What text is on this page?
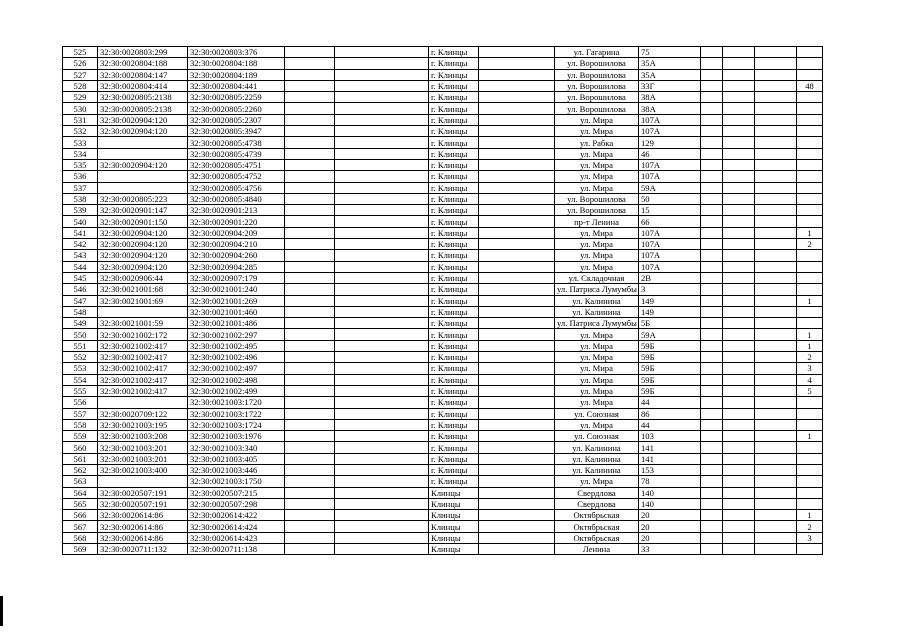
525	32:30:0020803:299	32:30:0020803:376			г. Клинцы		ул. Гагарина	75				
526	32:30:0020804:188	32:30:0020804:188			г. Клинцы		ул. Ворошилова	35А				
527	32:30:0020804:147	32:30:0020804:189			г. Клинцы		ул. Ворошилова	35А				
528	32:30:0020804:414	32:30:0020804:441			г. Клинцы		ул. Ворошилова	33Г				48
529	32:30:0020805:2138	32:30:0020805:2259			г. Клинцы		ул. Ворошилова	38А				
530	32:30:0020805:2138	32:30:0020805:2260			г. Клинцы		ул. Ворошилова	38А				
531	32:30:0020904:120	32:30:0020805:2307			г. Клинцы		ул. Мира	107А				
532	32:30:0020904:120	32:30:0020805:3947			г. Клинцы		ул. Мира	107А				
533		32:30:0020805:4738			г. Клинцы		ул. Рабка	129				
534		32:30:0020805:4739			г. Клинцы		ул. Мира	46				
535	32:30:0020904:120	32:30:0020805:4751			г. Клинцы		ул. Мира	107А				
536		32:30:0020805:4752			г. Клинцы		ул. Мира	107А				
537		32:30:0020805:4756			г. Клинцы		ул. Мира	59А				
538	32:30:0020805:223	32:30:0020805:4840			г. Клинцы		ул. Ворошилова	50				
539	32:30:0020901:147	32:30:0020901:213			г. Клинцы		ул. Ворошилова	15				
540	32:30:0020901:150	32:30:0020901:220			г. Клинцы		пр-т Ленина	66				
541	32:30:0020904:120	32:30:0020904:209			г. Клинцы		ул. Мира	107А				1
542	32:30:0020904:120	32:30:0020904:210			г. Клинцы		ул. Мира	107А				2
543	32:30:0020904:120	32:30:0020904:260			г. Клинцы		ул. Мира	107А				
544	32:30:0020904:120	32:30:0020904:285			г. Клинцы		ул. Мира	107А				
545	32:30:0020906:44	32:30:0020907:179			г. Клинцы		ул. Складочная	2В				
546	32:30:0021001:68	32:30:0021001:240			г. Клинцы		ул. Патриса Лумумбы	3				
547	32:30:0021001:69	32:30:0021001:269			г. Клинцы		ул. Калинина	149				1
548		32:30:0021001:460			г. Клинцы		ул. Калинина	149				
549	32:30:0021001:59	32:30:0021001:486			г. Клинцы		ул. Патриса Лумумбы	5Б				
550	32:30:0021002:172	32:30:0021002:297			г. Клинцы		ул. Мира	59А				1
551	32:30:0021002:417	32:30:0021002:495			г. Клинцы		ул. Мира	59Б				1
552	32:30:0021002:417	32:30:0021002:496			г. Клинцы		ул. Мира	59Б				2
553	32:30:0021002:417	32:30:0021002:497			г. Клинцы		ул. Мира	59Б				3
554	32:30:0021002:417	32:30:0021002:498			г. Клинцы		ул. Мира	59Б				4
555	32:30:0021002:417	32:30:0021002:499			г. Клинцы		ул. Мира	59Б				5
556		32:30:0021003:1720			г. Клинцы		ул. Мира	44				
557	32:30:0020709:122	32:30:0021003:1722			г. Клинцы		ул. Союзная	86				
558	32:30:0021003:195	32:30:0021003:1724			г. Клинцы		ул. Мира	44				
559	32:30:0021003:208	32:30:0021003:1976			г. Клинцы		ул. Союзная	103				1
560	32:30:0021003:201	32:30:0021003:340			г. Клинцы		ул. Калинина	141				
561	32:30:0021003:201	32:30:0021003:405			г. Клинцы		ул. Калинина	141				
562	32:30:0021003:400	32:30:0021003:446			г. Клинцы		ул. Калинина	153				
563		32:30:0021003:1750			г. Клинцы		ул. Мира	78				
564	32:30:0020507:191	32:30:0020507:215			Клинцы		Свердлова	140				
565	32:30:0020507:191	32:30:0020507:298			Клинцы		Свердлова	140				
566	32:30:0020614:86	32:30:0020614:422			Клинцы		Октябрьская	20				1
567	32:30:0020614:86	32:30:0020614:424			Клинцы		Октябрьская	20				2
568	32:30:0020614:86	32:30:0020614:423			Клинцы		Октябрьская	20				3
569	32:30:0020711:132	32:30:0020711:138			Клинцы		Ленина	33				
